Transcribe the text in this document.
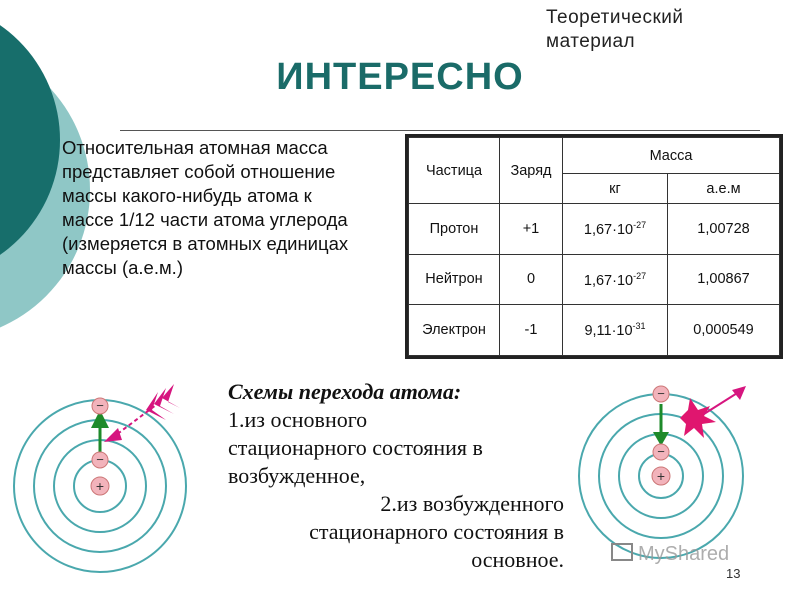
Теоретический
материал
ИНТЕРЕСНО
Относительная атомная масса
представляет собой отношение
массы какого-нибудь атома к
массе 1/12 части атома углерода
(измеряется в атомных единицах
массы (а.е.м.)
Частица	Заряд	Масса	
		кг	а.е.м
Протон	+1	$1,67\cdot 10^{-27}$	1,00728
Нейтрон	0	$1,67\cdot 10^{-27}$	1,00867
Электрон	-1	$9,11\cdot 10^{-31}$	0,000549
−
−
+
Схемы перехода атома:
1.из основного
стационарного состояния в
возбужденное,
2.из возбужденного
стационарного состояния в
основное.
−
−
+
MyShared
13
